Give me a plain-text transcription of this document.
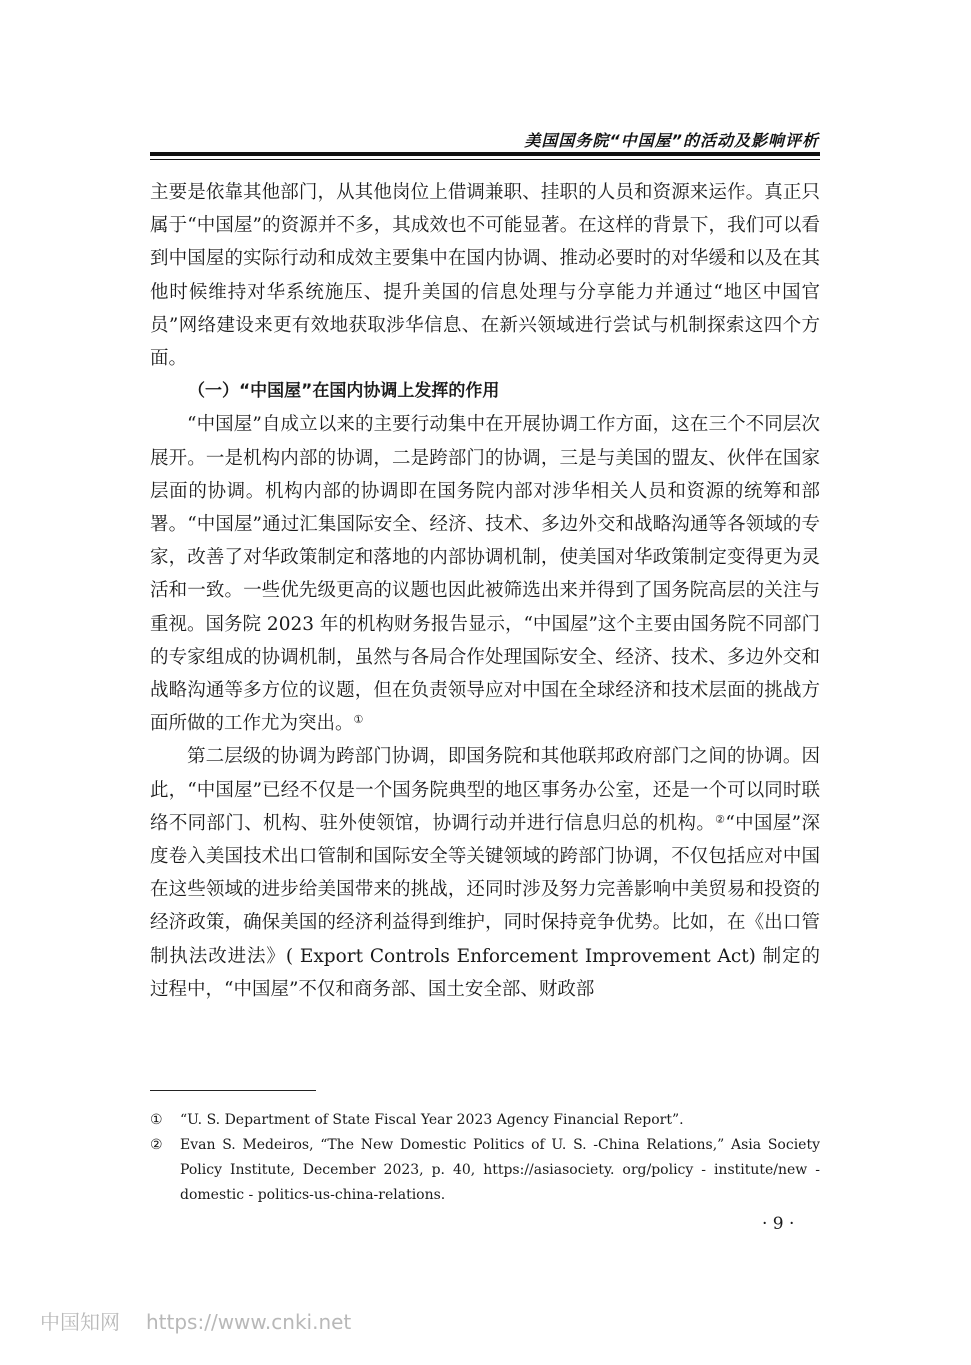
美国国务院“中国屋”的活动及影响评析

主要是依靠其他部门，从其他岗位上借调兼职、挂职的人员和资源来运作。真正只属于“中国屋”的资源并不多，其成效也不可能显著。在这样的背景下，我们可以看到中国屋的实际行动和成效主要集中在国内协调、推动必要时的对华缓和以及在其他时候维持对华系统施压、提升美国的信息处理与分享能力并通过“地区中国官员”网络建设来更有效地获取涉华信息、在新兴领域进行尝试与机制探索这四个方面。

（一）“中国屋”在国内协调上发挥的作用

“中国屋”自成立以来的主要行动集中在开展协调工作方面，这在三个不同层次展开。一是机构内部的协调，二是跨部门的协调，三是与美国的盟友、伙伴在国家层面的协调。机构内部的协调即在国务院内部对涉华相关人员和资源的统筹和部署。“中国屋”通过汇集国际安全、经济、技术、多边外交和战略沟通等各领域的专家，改善了对华政策制定和落地的内部协调机制，使美国对华政策制定变得更为灵活和一致。一些优先级更高的议题也因此被筛选出来并得到了国务院高层的关注与重视。国务院 2023 年的机构财务报告显示，“中国屋”这个主要由国务院不同部门的专家组成的协调机制，虽然与各局合作处理国际安全、经济、技术、多边外交和战略沟通等多方位的议题，但在负责领导应对中国在全球经济和技术层面的挑战方面所做的工作尤为突出。①

第二层级的协调为跨部门协调，即国务院和其他联邦政府部门之间的协调。因此，“中国屋”已经不仅是一个国务院典型的地区事务办公室，还是一个可以同时联络不同部门、机构、驻外使领馆，协调行动并进行信息归总的机构。②“中国屋”深度卷入美国技术出口管制和国际安全等关键领域的跨部门协调，不仅包括应对中国在这些领域的进步给美国带来的挑战，还同时涉及努力完善影响中美贸易和投资的经济政策，确保美国的经济利益得到维护，同时保持竞争优势。比如，在《出口管制执法改进法》( Export Controls Enforcement Improvement Act) 制定的过程中，“中国屋”不仅和商务部、国土安全部、财政部

①	“U. S. Department of State Fiscal Year 2023 Agency Financial Report”.
②	Evan S. Medeiros, “The New Domestic Politics of U. S. -China Relations,” Asia Society Policy Institute, December 2023, p. 40, https://asiasociety. org/policy - institute/new - domestic - politics-us-china-relations.
· 9 ·
中国知网 https://www.cnki.net
